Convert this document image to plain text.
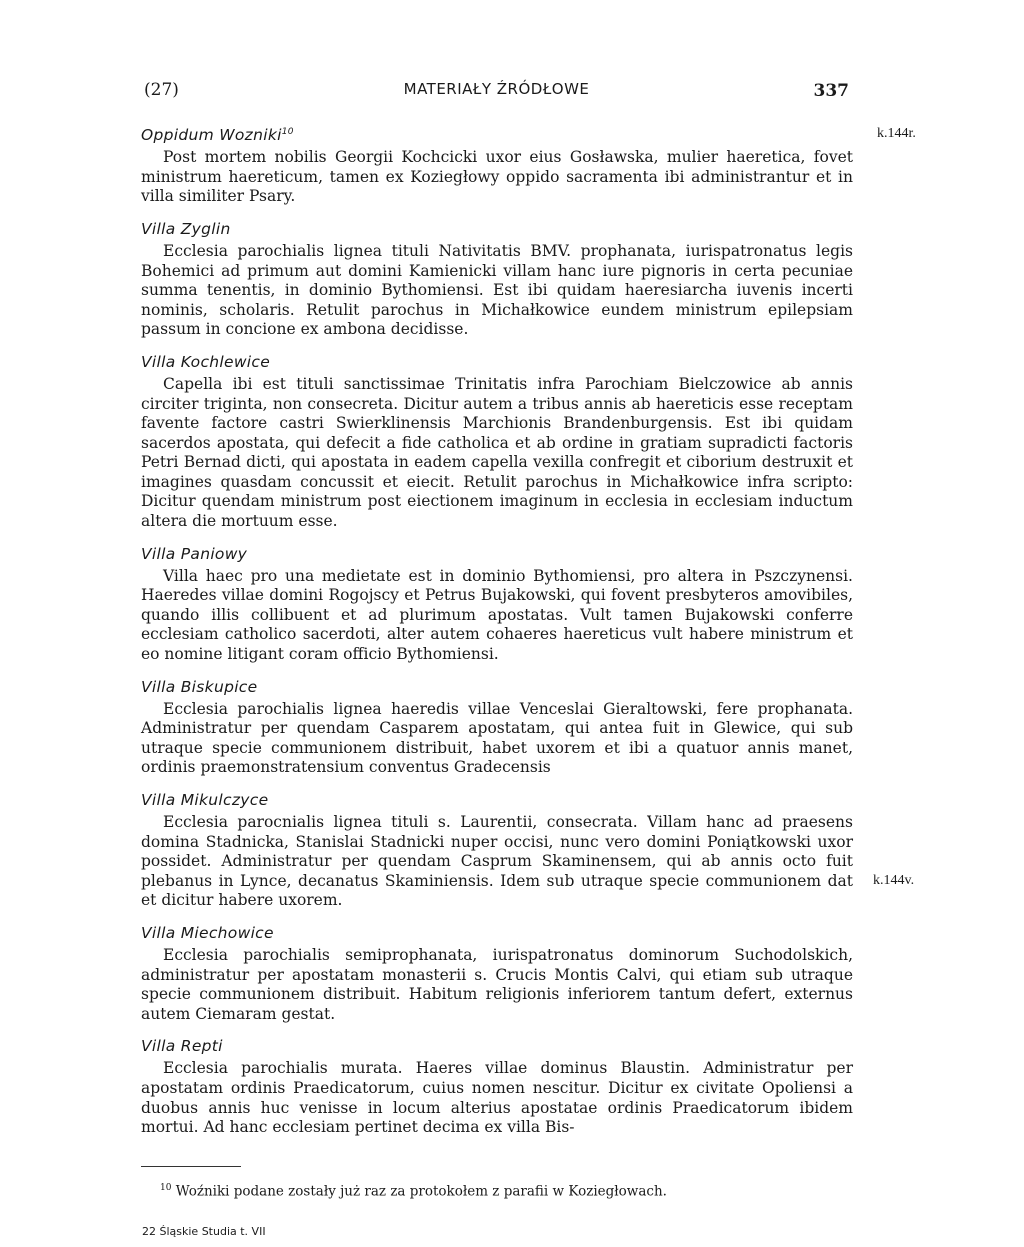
(27)	MATERIAŁY ŹRÓDŁOWE	337
k.144r.
k.144v.
Oppidum Wozniki$^{10}$

Post mortem nobilis Georgii Kochcicki uxor eius Gosławska, mulier haeretica, fovet ministrum haereticum, tamen ex Koziegłowy oppido sacramenta ibi administrantur et in villa similiter Psary.

Villa Zyglin

Ecclesia parochialis lignea tituli Nativitatis BMV. prophanata, iurispatronatus legis Bohemici ad primum aut domini Kamienicki villam hanc iure pignoris in certa pecuniae summa tenentis, in dominio Bythomiensi. Est ibi quidam haeresiarcha iuvenis incerti nominis, scholaris. Retulit parochus in Michałkowice eundem ministrum epilepsiam passum in concione ex ambona decidisse.

Villa Kochlewice

Capella ibi est tituli sanctissimae Trinitatis infra Parochiam Bielczowice ab annis circiter triginta, non consecreta. Dicitur autem a tribus annis ab haereticis esse receptam favente factore castri Swierklinensis Marchionis Brandenburgensis. Est ibi quidam sacerdos apostata, qui defecit a fide catholica et ab ordine in gratiam supradicti factoris Petri Bernad dicti, qui apostata in eadem capella vexilla confregit et ciborium destruxit et imagines quasdam concussit et eiecit. Retulit parochus in Michałkowice infra scripto: Dicitur quendam ministrum post eiectionem imaginum in ecclesia in ecclesiam inductum altera die mortuum esse.

Villa Paniowy

Villa haec pro una medietate est in dominio Bythomiensi, pro altera in Pszczynensi. Haeredes villae domini Rogojscy et Petrus Bujakowski, qui fovent presbyteros amovibiles, quando illis collibuent et ad plurimum apostatas. Vult tamen Bujakowski conferre ecclesiam catholico sacerdoti, alter autem cohaeres haereticus vult habere ministrum et eo nomine litigant coram officio Bythomiensi.

Villa Biskupice

Ecclesia parochialis lignea haeredis villae Venceslai Gieraltowski, fere prophanata. Administratur per quendam Casparem apostatam, qui antea fuit in Glewice, qui sub utraque specie communionem distribuit, habet uxorem et ibi a quatuor annis manet, ordinis praemonstratensium conventus Gradecensis

Villa Mikulczyce

Ecclesia parocnialis lignea tituli s. Laurentii, consecrata. Villam hanc ad praesens domina Stadnicka, Stanislai Stadnicki nuper occisi, nunc vero domini Poniątkowski uxor possidet. Administratur per quendam Casprum Skaminensem, qui ab annis octo fuit plebanus in Lynce, decanatus Skaminiensis. Idem sub utraque specie communionem dat et dicitur habere uxorem.

Villa Miechowice

Ecclesia parochialis semiprophanata, iurispatronatus dominorum Suchodolskich, administratur per apostatam monasterii s. Crucis Montis Calvi, qui etiam sub utraque specie communionem distribuit. Habitum religionis inferiorem tantum defert, externus autem Ciemaram gestat.

Villa Repti

Ecclesia parochialis murata. Haeres villae dominus Blaustin. Administratur per apostatam ordinis Praedicatorum, cuius nomen nescitur. Dicitur ex civitate Opoliensi a duobus annis huc venisse in locum alterius apostatae ordinis Praedicatorum ibidem mortui. Ad hanc ecclesiam pertinet decima ex villa Bis-

$^{10}$ Woźniki podane zostały już raz za protokołem z parafii w Koziegłowach.
22 Śląskie Studia t. VII
